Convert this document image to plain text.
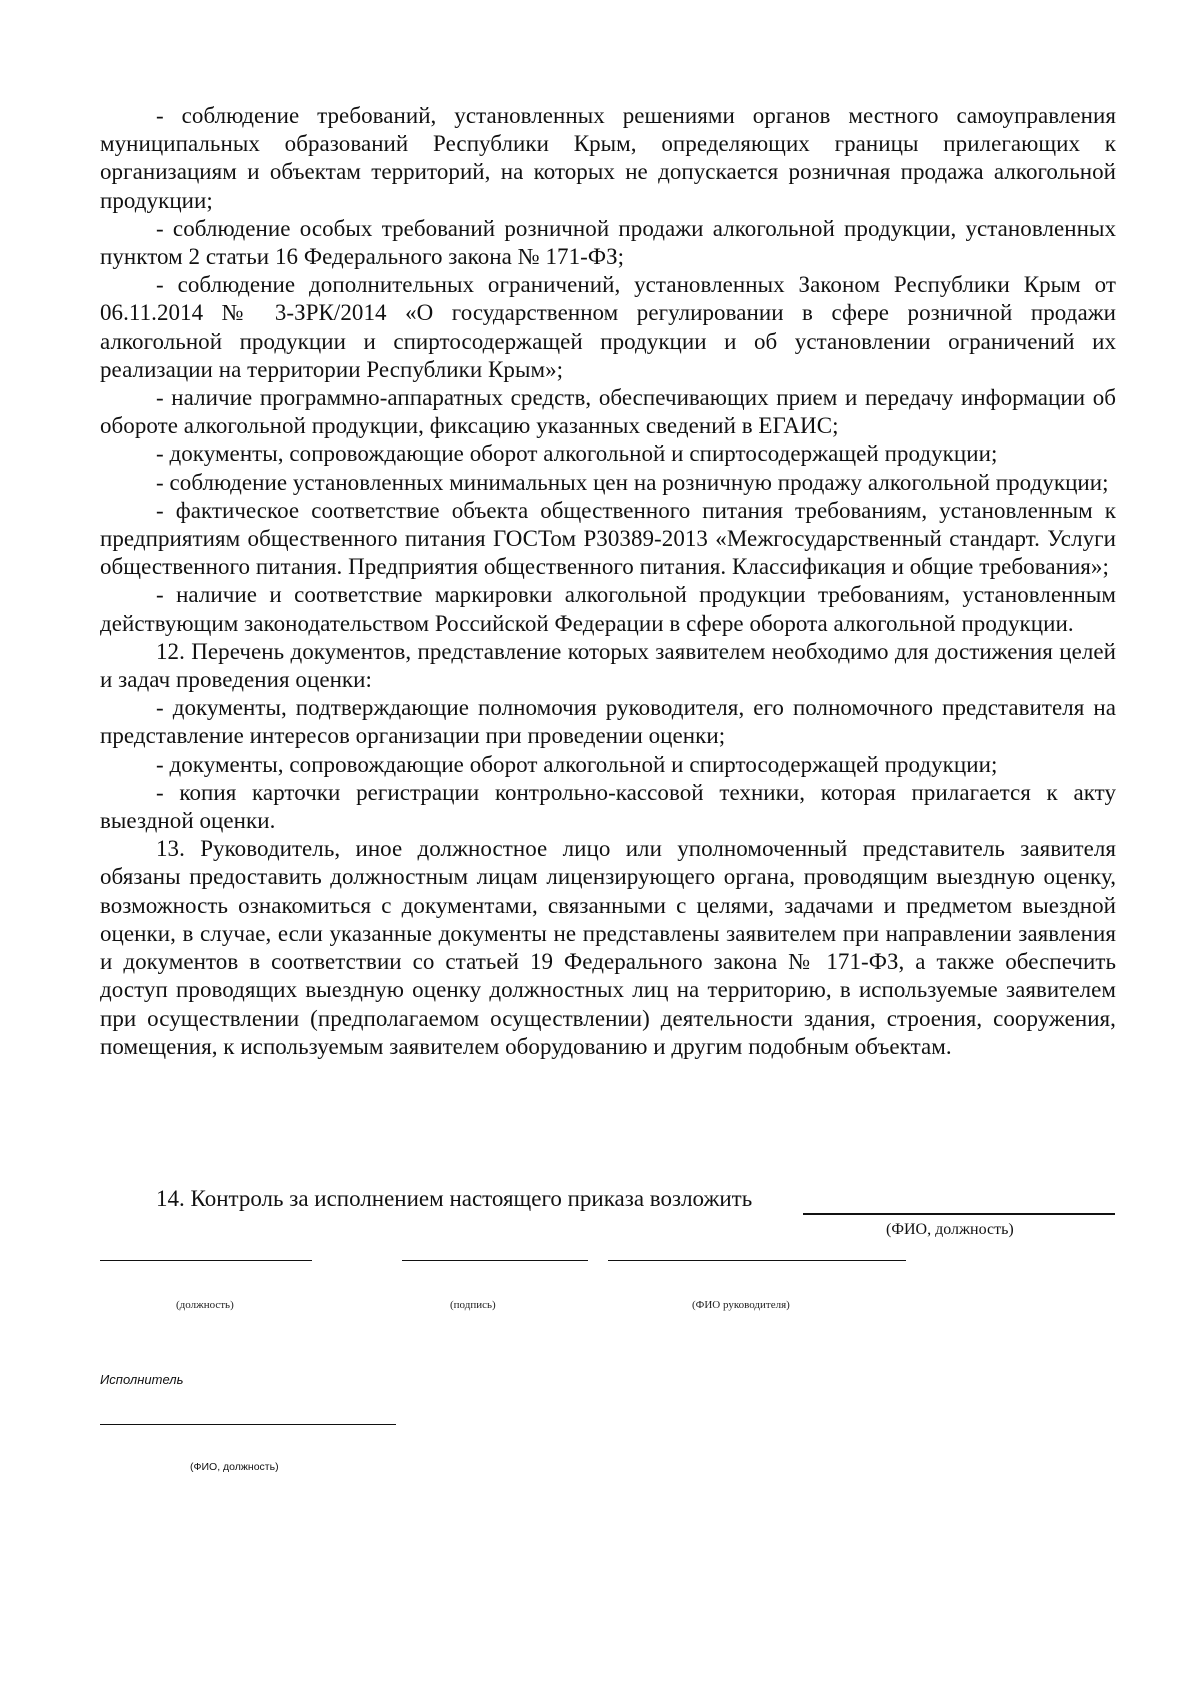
- соблюдение требований, установленных решениями органов местного самоуправления муниципальных образований Республики Крым, определяющих границы прилегающих к организациям и объектам территорий, на которых не допускается розничная продажа алкогольной продукции;

- соблюдение особых требований розничной продажи алкогольной продукции, установленных пунктом 2 статьи 16 Федерального закона № 171-ФЗ;

- соблюдение дополнительных ограничений, установленных Законом Республики Крым от 06.11.2014 № 3-ЗРК/2014 «О государственном регулировании в сфере розничной продажи алкогольной продукции и спиртосодержащей продукции и об установлении ограничений их реализации на территории Республики Крым»;

- наличие программно-аппаратных средств, обеспечивающих прием и передачу информации об обороте алкогольной продукции, фиксацию указанных сведений в ЕГАИС;

- документы, сопровождающие оборот алкогольной и спиртосодержащей продукции;

- соблюдение установленных минимальных цен на розничную продажу алкогольной продукции;

- фактическое соответствие объекта общественного питания требованиям, установленным к предприятиям общественного питания ГОСТом Р30389-2013 «Межгосударственный стандарт. Услуги общественного питания. Предприятия общественного питания. Классификация и общие требования»;

- наличие и соответствие маркировки алкогольной продукции требованиям, установленным действующим законодательством Российской Федерации в сфере оборота алкогольной продукции.

12. Перечень документов, представление которых заявителем необходимо для достижения целей и задач проведения оценки:

- документы, подтверждающие полномочия руководителя, его полномочного представителя на представление интересов организации при проведении оценки;

- документы, сопровождающие оборот алкогольной и спиртосодержащей продукции;

- копия карточки регистрации контрольно-кассовой техники, которая прилагается к акту выездной оценки.

13. Руководитель, иное должностное лицо или уполномоченный представитель заявителя обязаны предоставить должностным лицам лицензирующего органа, проводящим выездную оценку, возможность ознакомиться с документами, связанными с целями, задачами и предметом выездной оценки, в случае, если указанные документы не представлены заявителем при направлении заявления и документов в соответствии со статьей 19 Федерального закона № 171-ФЗ, а также обеспечить доступ проводящих выездную оценку должностных лиц на территорию, в используемые заявителем при осуществлении (предполагаемом осуществлении) деятельности здания, строения, сооружения, помещения, к используемым заявителем оборудованию и другим подобным объектам.

14. Контроль за исполнением настоящего приказа возложить
(ФИО, должность)
(должность)	(подпись)	(ФИО руководителя)
Исполнитель
(ФИО, должность)
